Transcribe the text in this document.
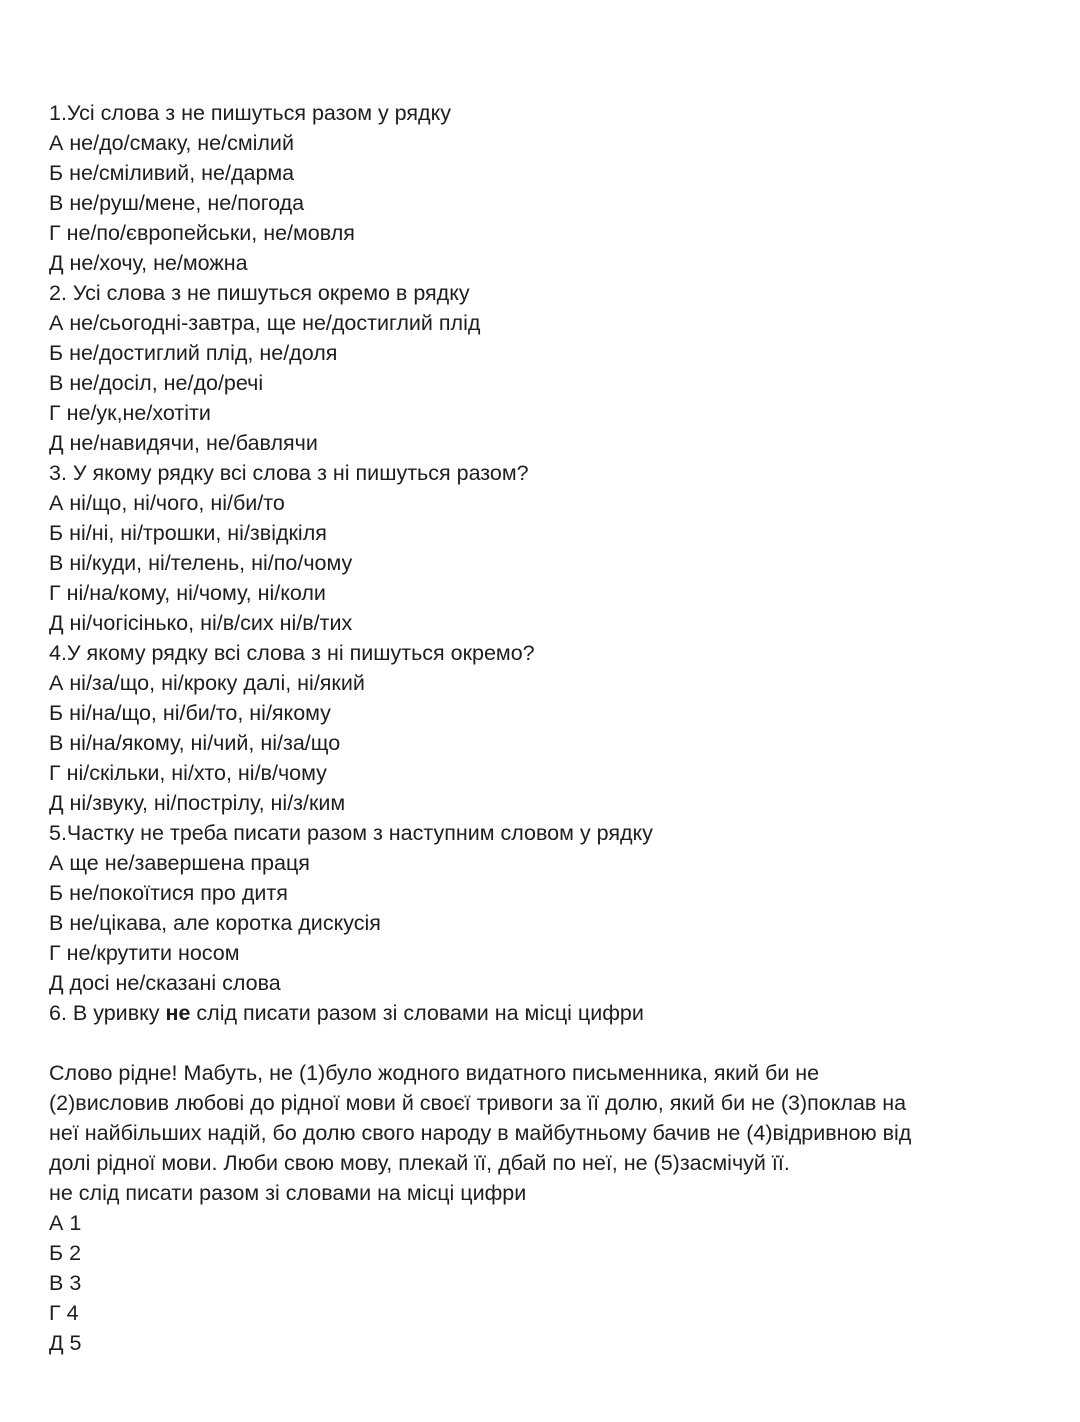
1.Усі слова з не пишуться разом у рядку
А не/до/смаку, не/смілий
Б не/сміливий, не/дарма
В не/руш/мене, не/погода
Г не/по/європейськи, не/мовля
Д не/хочу, не/можна
2. Усі слова з не пишуться окремо в рядку
А не/сьогодні-завтра, ще не/достиглий плід
Б не/достиглий плід, не/доля
В не/досіл, не/до/речі
Г не/ук,не/хотіти
Д не/навидячи, не/бавлячи
3. У якому рядку всі слова з ні пишуться разом?
А ні/що, ні/чого, ні/би/то
Б ні/ні, ні/трошки, ні/звідкіля
В ні/куди, ні/телень, ні/по/чому
Г ні/на/кому, ні/чому, ні/коли
Д ні/чогісінько, ні/в/сих ні/в/тих
4.У якому рядку всі слова з ні пишуться окремо?
А ні/за/що, ні/кроку далі, ні/який
Б ні/на/що, ні/би/то, ні/якому
В ні/на/якому, ні/чий, ні/за/що
Г ні/скільки, ні/хто, ні/в/чому
Д ні/звуку, ні/пострілу, ні/з/ким
5.Частку не треба писати разом з наступним словом у рядку
А ще не/завершена праця
Б не/покоїтися про дитя
В не/цікава, але коротка дискусія
Г не/крутити носом
Д досі не/сказані слова
6. В уривку не слід писати разом зі словами на місці цифри
Слово рідне! Мабуть, не (1)було жодного видатного письменника, який би не
(2)висловив любові до рідної мови й своєї тривоги за її долю, який би не (3)поклав на
неї найбільших надій, бо долю свого народу в майбутньому бачив не (4)відривною від
долі рідної мови. Люби свою мову, плекай її, дбай по неї, не (5)засмічуй її.
не слід писати разом зі словами на місці цифри
А 1
Б 2
В 3
Г 4
Д 5
